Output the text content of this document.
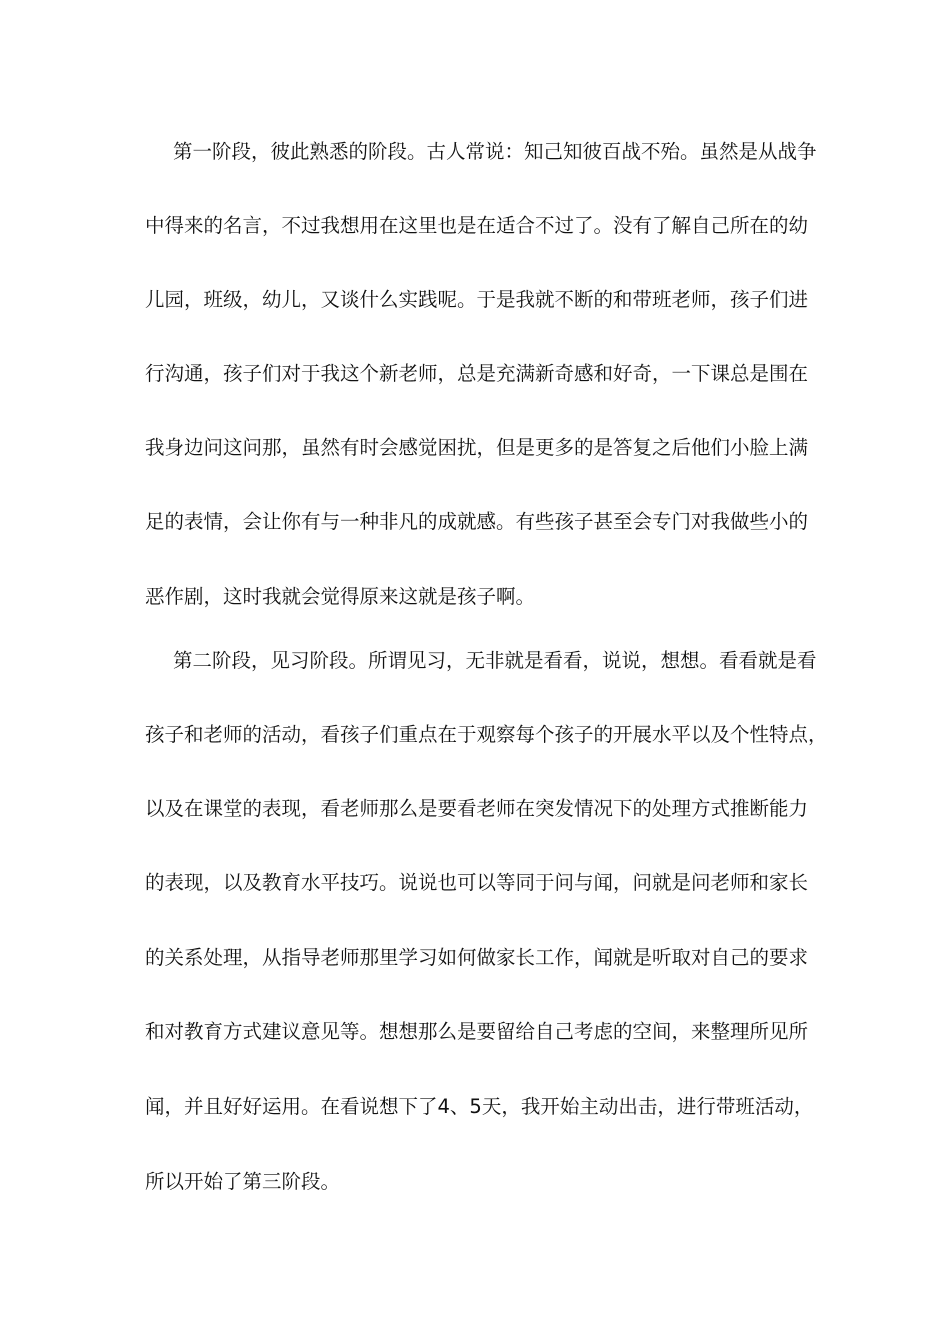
第一阶段，彼此熟悉的阶段。古人常说：知己知彼百战不殆。虽然是从战争
中得来的名言，不过我想用在这里也是在适合不过了。没有了解自己所在的幼
儿园，班级，幼儿，又谈什么实践呢。于是我就不断的和带班老师，孩子们进
行沟通，孩子们对于我这个新老师，总是充满新奇感和好奇，一下课总是围在
我身边问这问那，虽然有时会感觉困扰，但是更多的是答复之后他们小脸上满
足的表情，会让你有与一种非凡的成就感。有些孩子甚至会专门对我做些小的
恶作剧，这时我就会觉得原来这就是孩子啊。
第二阶段，见习阶段。所谓见习，无非就是看看，说说，想想。看看就是看
孩子和老师的活动，看孩子们重点在于观察每个孩子的开展水平以及个性特点，
以及在课堂的表现，看老师那么是要看老师在突发情况下的处理方式推断能力
的表现，以及教育水平技巧。说说也可以等同于问与闻，问就是问老师和家长
的关系处理，从指导老师那里学习如何做家长工作，闻就是听取对自己的要求
和对教育方式建议意见等。想想那么是要留给自己考虑的空间，来整理所见所
闻，并且好好运用。在看说想下了4、5天，我开始主动出击，进行带班活动，
所以开始了第三阶段。
